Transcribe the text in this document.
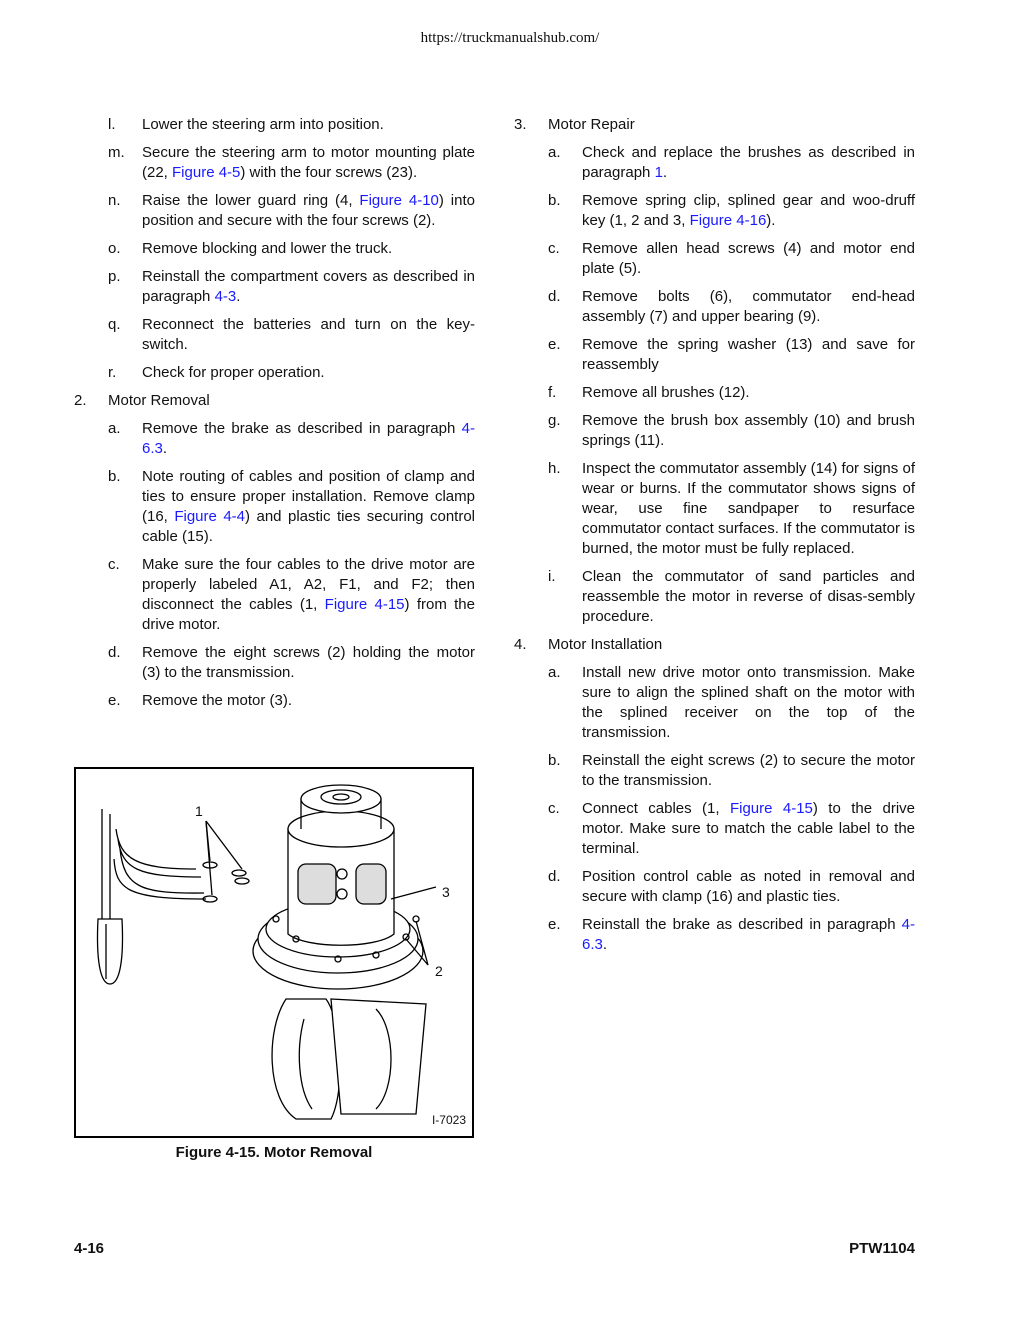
https://truckmanualshub.com/
l.	Lower the steering arm into position.
m.	Secure the steering arm to motor mounting plate (22, Figure 4-5) with the four screws (23).
n.	Raise the lower guard ring (4, Figure 4-10) into position and secure with the four screws (2).
o.	Remove blocking and lower the truck.
p.	Reinstall the compartment covers as described in paragraph 4-3.
q.	Reconnect the batteries and turn on the key-switch.
r.	Check for proper operation.
2.	Motor Removal
a.	Remove the brake as described in paragraph 4-6.3.
b.	Note routing of cables and position of clamp and ties to ensure proper installation. Remove clamp (16, Figure 4-4) and plastic ties securing control cable (15).
c.	Make sure the four cables to the drive motor are properly labeled A1, A2, F1, and F2; then disconnect the cables (1, Figure 4-15) from the drive motor.
d.	Remove the eight screws (2) holding the motor (3) to the transmission.
e.	Remove the motor (3).
3.	Motor Repair
a.	Check and replace the brushes as described in paragraph 1.
b.	Remove spring clip, splined gear and woo-druff key (1, 2 and 3, Figure 4-16).
c.	Remove allen head screws (4) and motor end plate (5).
d.	Remove bolts (6), commutator end-head assembly (7) and upper bearing (9).
e.	Remove the spring washer (13) and save for reassembly
f.	Remove all brushes (12).
g.	Remove the brush box assembly (10) and brush springs (11).
h.	Inspect the commutator assembly (14) for signs of wear or burns. If the commutator shows signs of wear, use fine sandpaper to resurface commutator contact surfaces. If the commutator is burned, the motor must be fully replaced.
i.	Clean the commutator of sand particles and reassemble the motor in reverse of disas-sembly procedure.
4.	Motor Installation
a.	Install new drive motor onto transmission. Make sure to align the splined shaft on the motor with the splined receiver on the top of the transmission.
b.	Reinstall the eight screws (2) to secure the motor to the transmission.
c.	Connect cables (1, Figure 4-15) to the drive motor. Make sure to match the cable label to the terminal.
d.	Position control cable as noted in removal and secure with clamp (16) and plastic ties.
e.	Reinstall the brake as described in paragraph 4-6.3.
1
3
2
I-7023
Figure 4-15. Motor Removal
4-16	PTW1104
